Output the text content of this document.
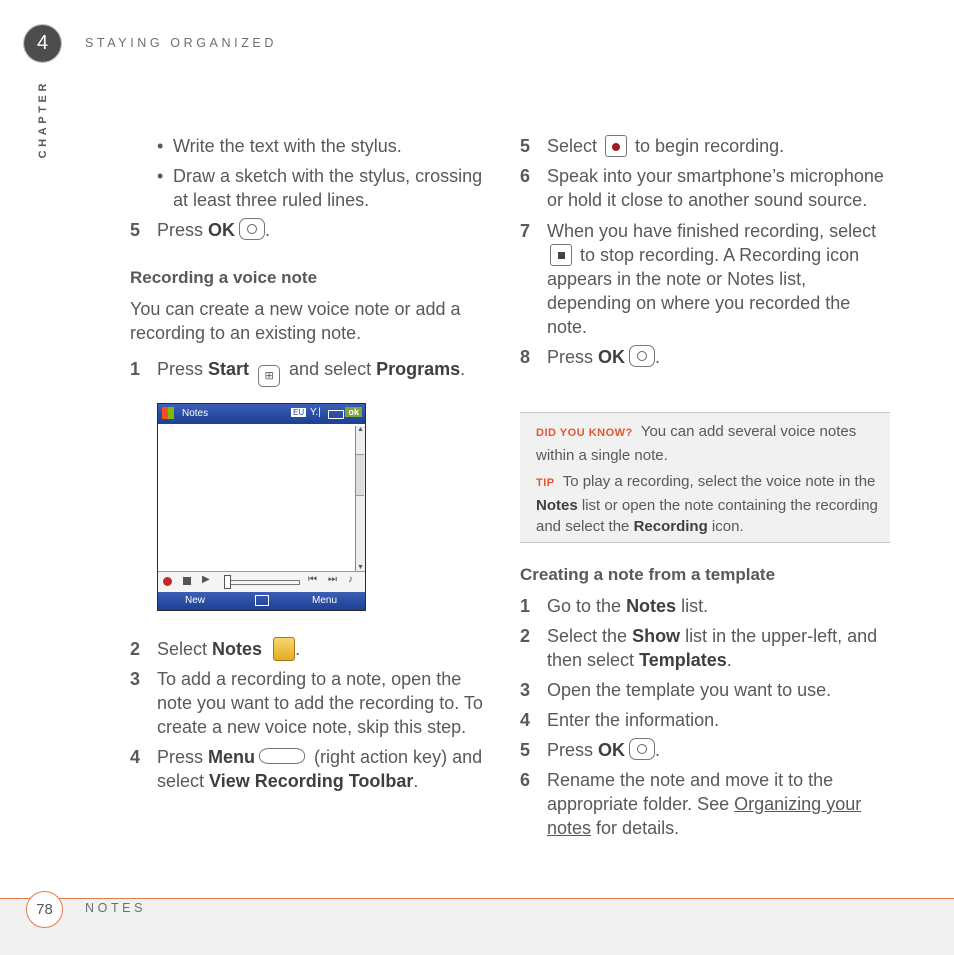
4	STAYING ORGANIZED
CHAPTER	• Write the text with the stylus.
• Draw a sketch with the stylus, crossing at least three ruled lines.
5 Press OK .
Recording a voice note
You can create a new voice note or add a recording to an existing note.
1 Press Start ⊞ and select Programs.
Notes	EU Y.|	ok
▲
▼
▶	⏮ ⏭ ♪
New	Menu
2 Select Notes .
3 To add a recording to a note, open the note you want to add the recording to. To create a new voice note, skip this step.
4 Press Menu	(right action key) and select View Recording Toolbar.
5 Select
to begin recording.
6 Speak into your smartphone’s microphone or hold it close to another sound source.
7 When you have finished recording, select
to stop recording. A Recording icon appears in the note or Notes list, depending on where you recorded the note.
8 Press OK .
DID YOU KNOW? You can add several voice notes within a single note.
TIP To play a recording, select the voice note in the Notes list or open the note containing the recording and select the Recording icon.
Creating a note from a template
1 Go to the Notes list.
2 Select the Show list in the upper-left, and then select Templates.
3 Open the template you want to use.
4 Enter the information.
5 Press OK .
6 Rename the note and move it to the appropriate folder. See Organizing your notes for details.
78	NOTES
